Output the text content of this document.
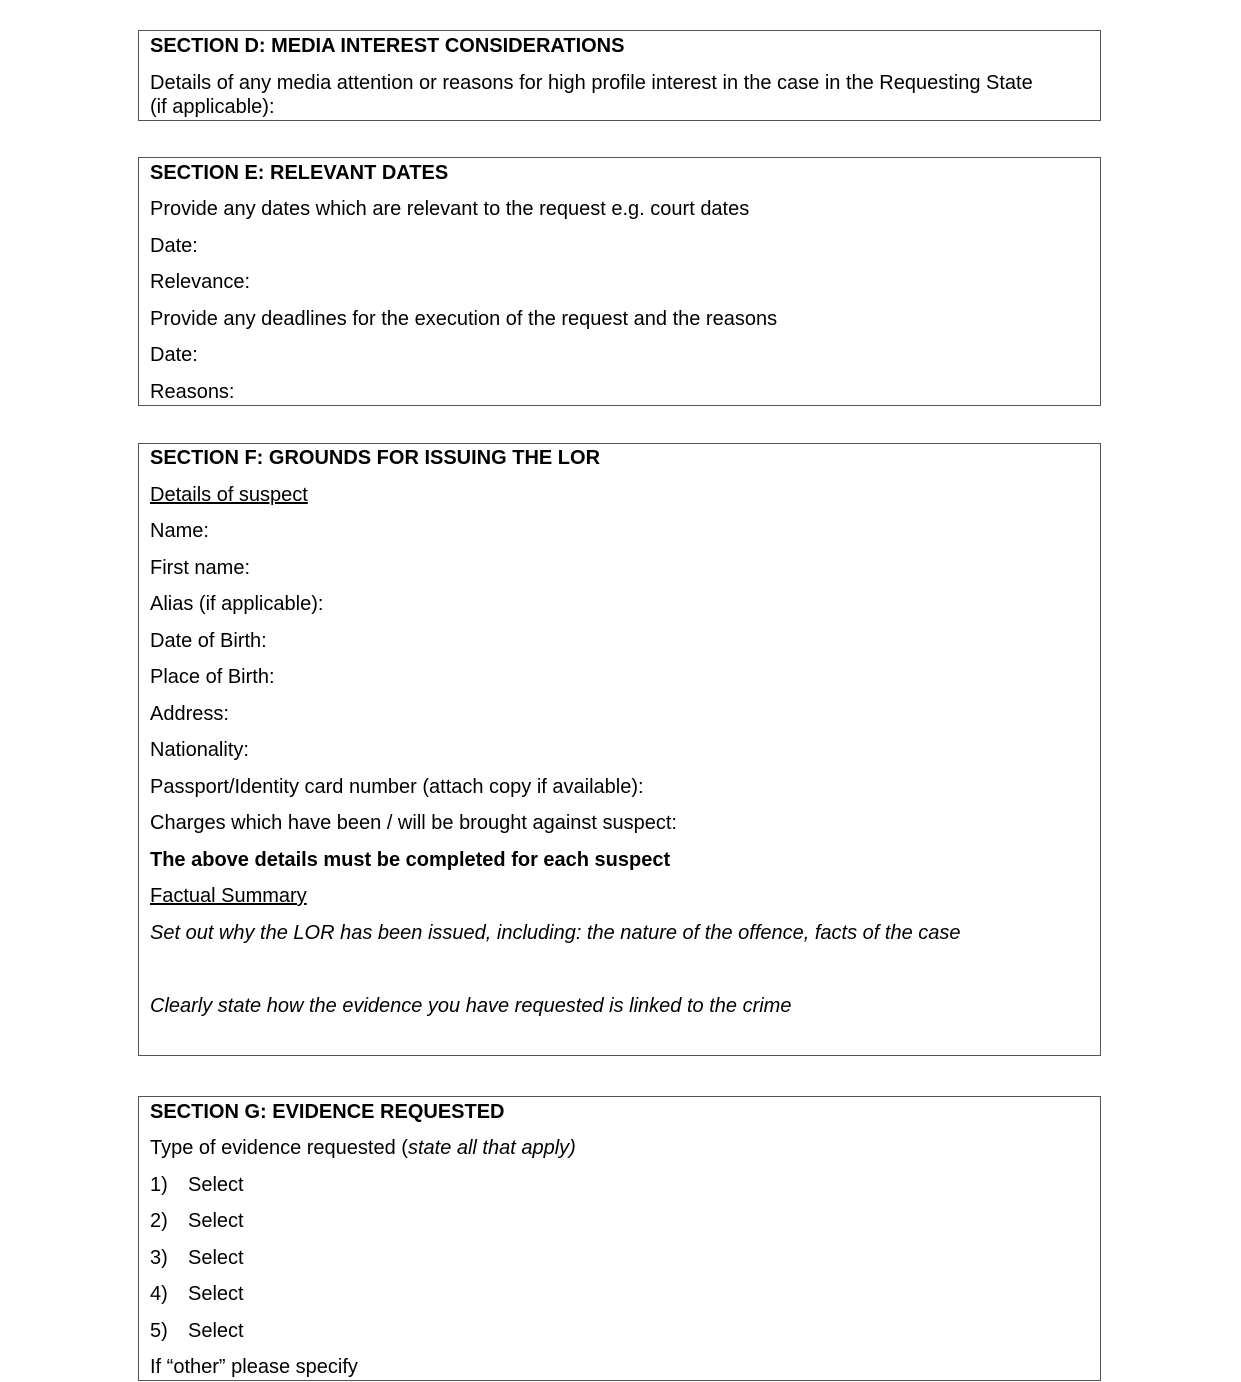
SECTION D: MEDIA INTEREST CONSIDERATIONS
Details of any media attention or reasons for high profile interest in the case in the Requesting State
(if applicable):
SECTION E: RELEVANT DATES
Provide any dates which are relevant to the request e.g. court dates
Date:
Relevance:
Provide any deadlines for the execution of the request and the reasons
Date:
Reasons:
SECTION F: GROUNDS FOR ISSUING THE LOR
Details of suspect
Name:
First name:
Alias (if applicable):
Date of Birth:
Place of Birth:
Address:
Nationality:
Passport/Identity card number (attach copy if available):
Charges which have been / will be brought against suspect:
The above details must be completed for each suspect
Factual Summary
Set out why the LOR has been issued, including: the nature of the offence, facts of the case
Clearly state how the evidence you have requested is linked to the crime
SECTION G: EVIDENCE REQUESTED
Type of evidence requested (state all that apply)
1) Select
2) Select
3) Select
4) Select
5) Select
If “other” please specify
